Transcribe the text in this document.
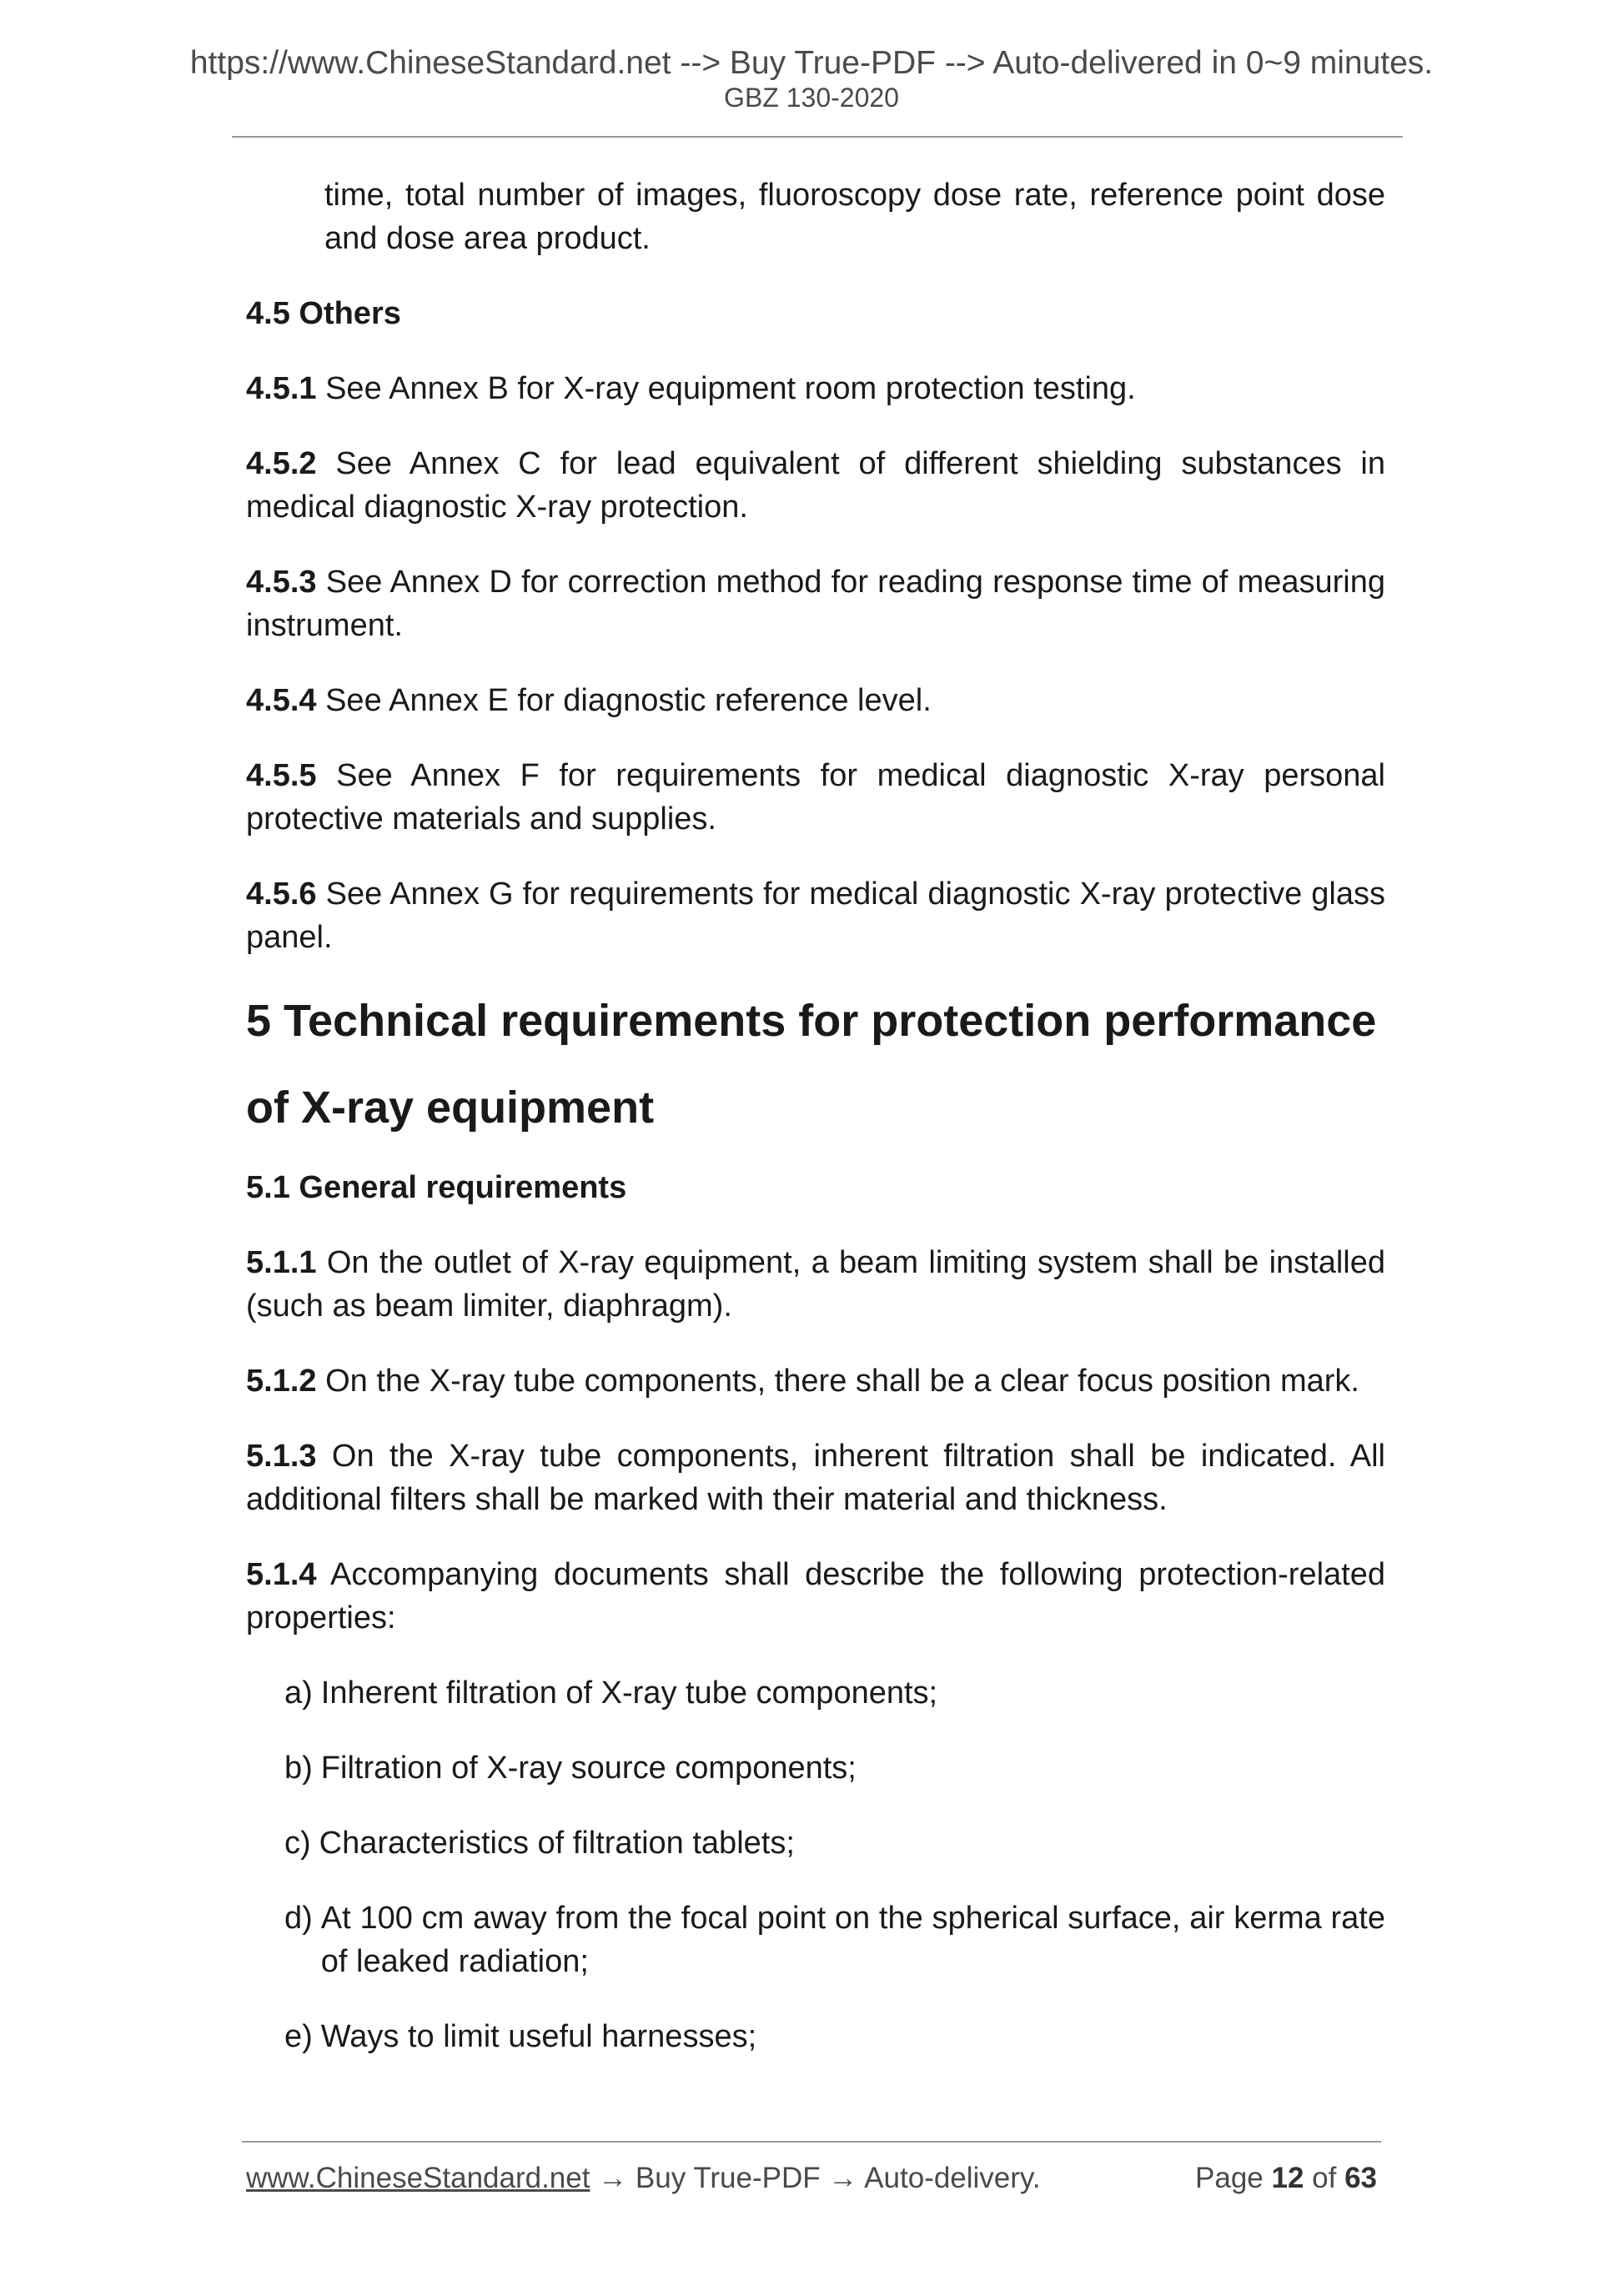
https://www.ChineseStandard.net --> Buy True-PDF --> Auto-delivered in 0~9 minutes.
GBZ 130-2020

time, total number of images, fluoroscopy dose rate, reference point dose and dose area product.

4.5 Others

4.5.1 See Annex B for X-ray equipment room protection testing.

4.5.2 See Annex C for lead equivalent of different shielding substances in medical diagnostic X-ray protection.

4.5.3 See Annex D for correction method for reading response time of measuring instrument.

4.5.4 See Annex E for diagnostic reference level.

4.5.5 See Annex F for requirements for medical diagnostic X-ray personal protective materials and supplies.

4.5.6 See Annex G for requirements for medical diagnostic X-ray protective glass panel.

5 Technical requirements for protection performance of X-ray equipment

5.1 General requirements

5.1.1 On the outlet of X-ray equipment, a beam limiting system shall be installed (such as beam limiter, diaphragm).

5.1.2 On the X-ray tube components, there shall be a clear focus position mark.

5.1.3 On the X-ray tube components, inherent filtration shall be indicated. All additional filters shall be marked with their material and thickness.

5.1.4 Accompanying documents shall describe the following protection-related properties:

a) Inherent filtration of X-ray tube components;
b) Filtration of X-ray source components;
c) Characteristics of filtration tablets;
d) At 100 cm away from the focal point on the spherical surface, air kerma rate of leaked radiation;
e) Ways to limit useful harnesses;
www.ChineseStandard.net → Buy True-PDF → Auto-delivery.	Page 12 of 63
